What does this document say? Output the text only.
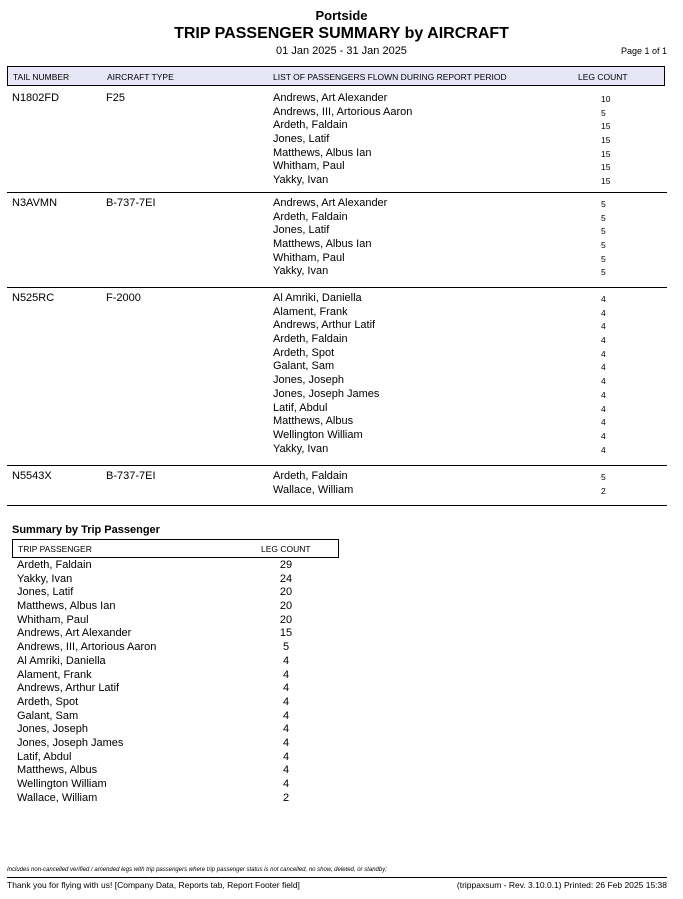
Portside
TRIP PASSENGER SUMMARY by AIRCRAFT
01 Jan 2025 - 31 Jan 2025	Page 1 of 1
TAIL NUMBER	AIRCRAFT TYPE	LIST OF PASSENGERS FLOWN DURING REPORT PERIOD	LEG COUNT
N1802FD	F25	Andrews, Art Alexander	10
Andrews, III, Artorious Aaron	5
Ardeth, Faldain	15
Jones, Latif	15
Matthews, Albus Ian	15
Whitham, Paul	15
Yakky, Ivan	15
N3AVMN	B-737-7EI	Andrews, Art Alexander	5
Ardeth, Faldain	5
Jones, Latif	5
Matthews, Albus Ian	5
Whitham, Paul	5
Yakky, Ivan	5
N525RC	F-2000	Al Amriki, Daniella	4
Alament, Frank	4
Andrews, Arthur Latif	4
Ardeth, Faldain	4
Ardeth, Spot	4
Galant, Sam	4
Jones, Joseph	4
Jones, Joseph James	4
Latif, Abdul	4
Matthews, Albus	4
Wellington William	4
Yakky, Ivan	4
N5543X	B-737-7EI	Ardeth, Faldain	5
Wallace, William	2
Summary by Trip Passenger
TRIP PASSENGER	LEG COUNT
Ardeth, Faldain	29
Yakky, Ivan	24
Jones, Latif	20
Matthews, Albus Ian	20
Whitham, Paul	20
Andrews, Art Alexander	15
Andrews, III, Artorious Aaron	5
Al Amriki, Daniella	4
Alament, Frank	4
Andrews, Arthur Latif	4
Ardeth, Spot	4
Galant, Sam	4
Jones, Joseph	4
Jones, Joseph James	4
Latif, Abdul	4
Matthews, Albus	4
Wellington William	4
Wallace, William	2
Includes non-cancelled verified / amended legs with trip passengers where trip passenger status is not cancelled, no show, deleted, or standby;
Thank you for flying with us! [Company Data, Reports tab, Report Footer field]	(trippaxsum - Rev. 3.10.0.1) Printed: 26 Feb 2025 15:38
